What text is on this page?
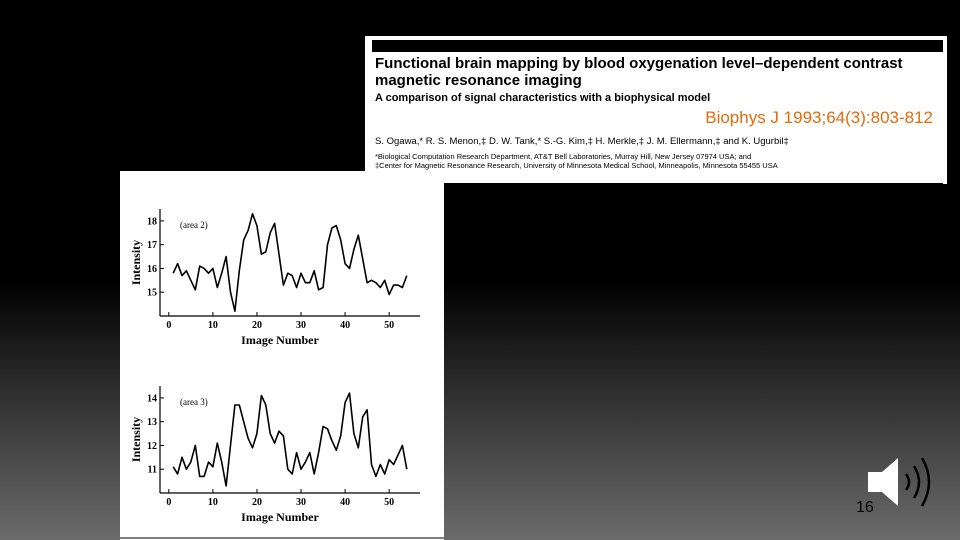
Functional brain mapping by blood oxygenation level–dependent contrast magnetic resonance imaging
A comparison of signal characteristics with a biophysical model
Biophys J 1993;64(3):803-812
S. Ogawa,* R. S. Menon,‡ D. W. Tank,* S.-G. Kim,‡ H. Merkle,‡ J. M. Ellermann,‡ and K. Ugurbil‡
*Biological Computation Research Department, AT&T Bell Laboratories, Murray Hill, New Jersey 07974 USA; and
‡Center for Magnetic Resonance Research, University of Minnesota Medical School, Minneapolis, Minnesota 55455 USA
0	10	20	30	40	50
15
16
17
18
Image Number
Intensity
(area 2)
0	10	20	30	40	50
11
12
13
14
Image Number
Intensity
(area 3)
16
